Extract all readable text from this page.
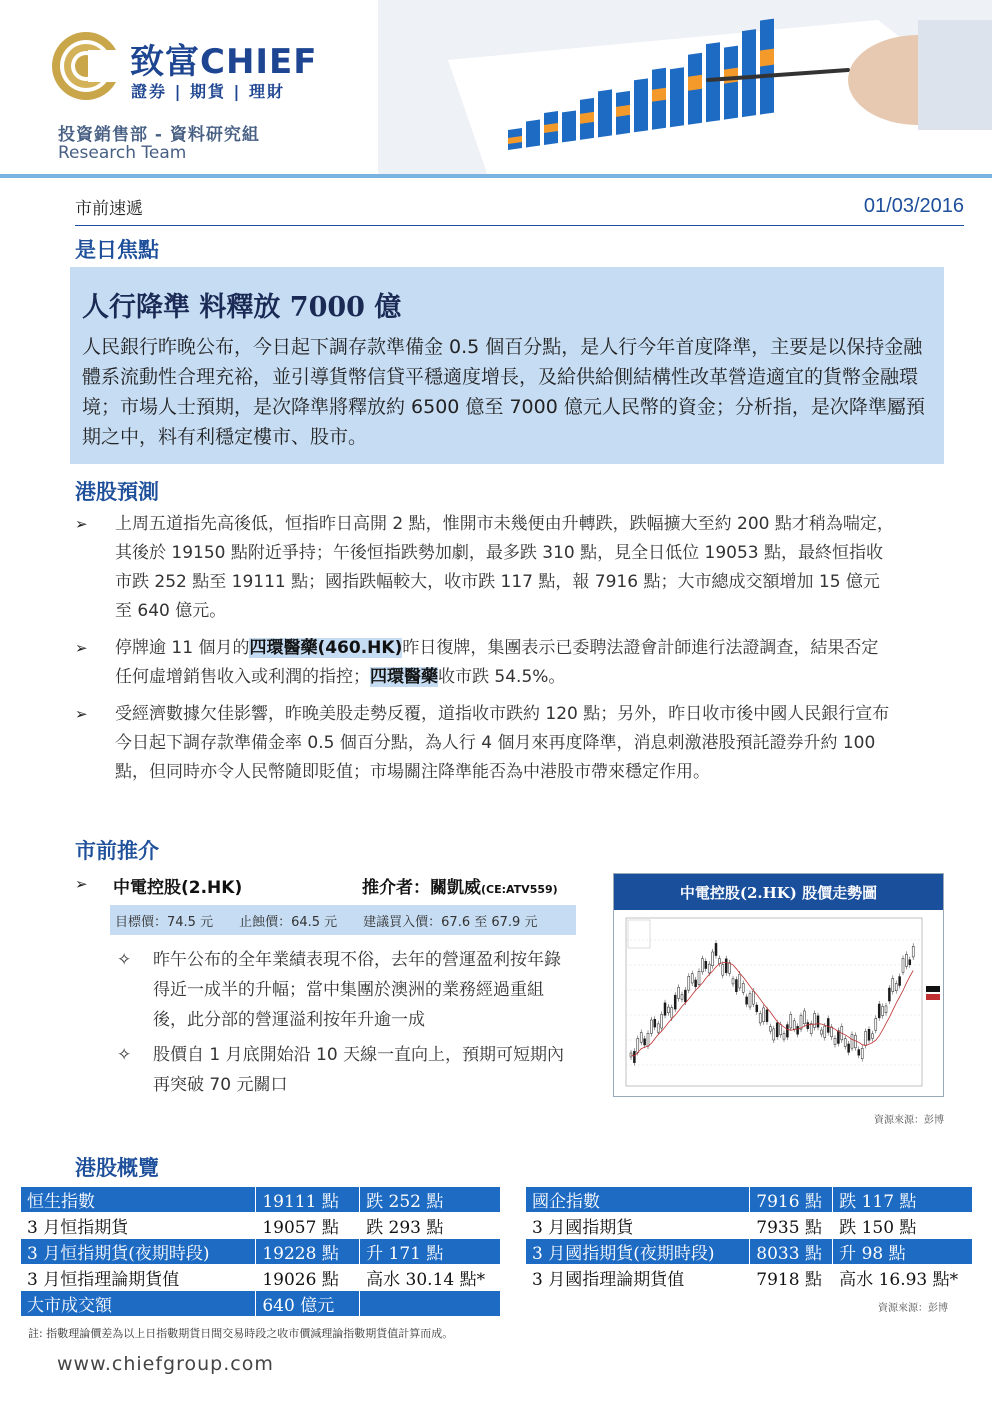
致富CHIEF
證券 | 期貨 | 理財
投資銷售部 - 資料研究組
Research Team
市前速遞	01/03/2016
是日焦點
人行降準 料釋放 7000 億
人民銀行昨晚公布，今日起下調存款準備金 0.5 個百分點，是人行今年首度降準，主要是以保持金融體系流動性合理充裕，並引導貨幣信貸平穩適度增長，及給供給側結構性改革營造適宜的貨幣金融環境；市場人士預期，是次降準將釋放約 6500 億至 7000 億元人民幣的資金；分析指，是次降準屬預期之中，料有利穩定樓市、股市。
港股預測
➢	上周五道指先高後低，恒指昨日高開 2 點，惟開市未幾便由升轉跌，跌幅擴大至約 200 點才稍為喘定，其後於 19150 點附近爭持；午後恒指跌勢加劇，最多跌 310 點，見全日低位 19053 點，最終恒指收市跌 252 點至 19111 點；國指跌幅較大，收市跌 117 點，報 7916 點；大市總成交額增加 15 億元至 640 億元。
➢	停牌逾 11 個月的四環醫藥(460.HK)昨日復牌，集團表示已委聘法證會計師進行法證調查，結果否定任何虛增銷售收入或利潤的指控；四環醫藥收市跌 54.5%。
➢	受經濟數據欠佳影響，昨晚美股走勢反覆，道指收市跌約 120 點；另外，昨日收市後中國人民銀行宣布今日起下調存款準備金率 0.5 個百分點，為人行 4 個月來再度降準，消息刺激港股預託證券升約 100 點，但同時亦令人民幣隨即貶值；市場關注降準能否為中港股市帶來穩定作用。
市前推介
➢ 中電控股(2.HK)	推介者：關凱威(CE:ATV559)
目標價：74.5 元 止蝕價：64.5 元 建議買入價：67.6 至 67.9 元
✧	昨午公布的全年業績表現不俗，去年的營運盈利按年錄得近一成半的升幅；當中集團於澳洲的業務經過重組後，此分部的營運溢利按年升逾一成
✧	股價自 1 月底開始沿 10 天線一直向上，預期可短期內再突破 70 元關口
中電控股(2.HK) 股價走勢圖
資源來源：彭博
港股概覽
恒生指數	19111 點	跌 252 點
3 月恒指期貨	19057 點	跌 293 點
3 月恒指期貨(夜期時段)	19228 點	升 171 點
3 月恒指理論期貨值	19026 點	高水 30.14 點*
大市成交額	640 億元	
國企指數	7916 點	跌 117 點
3 月國指期貨	7935 點	跌 150 點
3 月國指期貨(夜期時段)	8033 點	升 98 點
3 月國指理論期貨值	7918 點	高水 16.93 點*
資源來源：彭博
註: 指數理論價差為以上日指數期貨日間交易時段之收市價減理論指數期貨值計算而成。
www.chiefgroup.com
